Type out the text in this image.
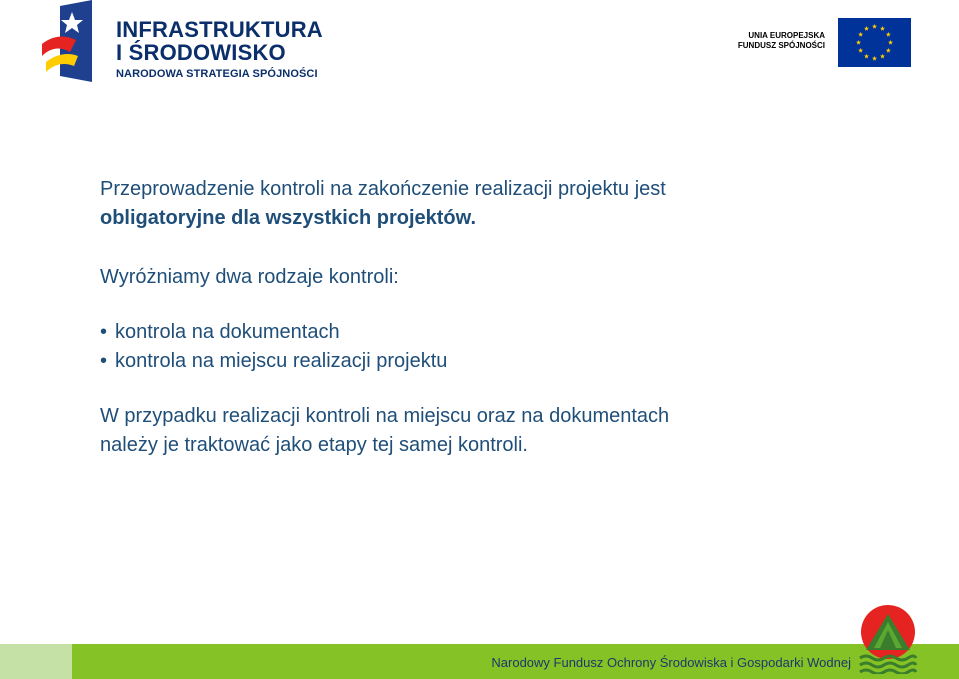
INFRASTRUKTURA
I ŚRODOWISKO
NARODOWA STRATEGIA SPÓJNOŚCI
UNIA EUROPEJSKA
FUNDUSZ SPÓJNOŚCI

Przeprowadzenie kontroli na zakończenie realizacji projektu jest

obligatoryjne dla wszystkich projektów.

Wyróżniamy dwa rodzaje kontroli:

• kontrola na dokumentach

• kontrola na miejscu realizacji projektu

W przypadku realizacji kontroli na miejscu oraz na dokumentach

należy je traktować jako etapy tej samej kontroli.

Narodowy Fundusz Ochrony Środowiska i Gospodarki Wodnej
